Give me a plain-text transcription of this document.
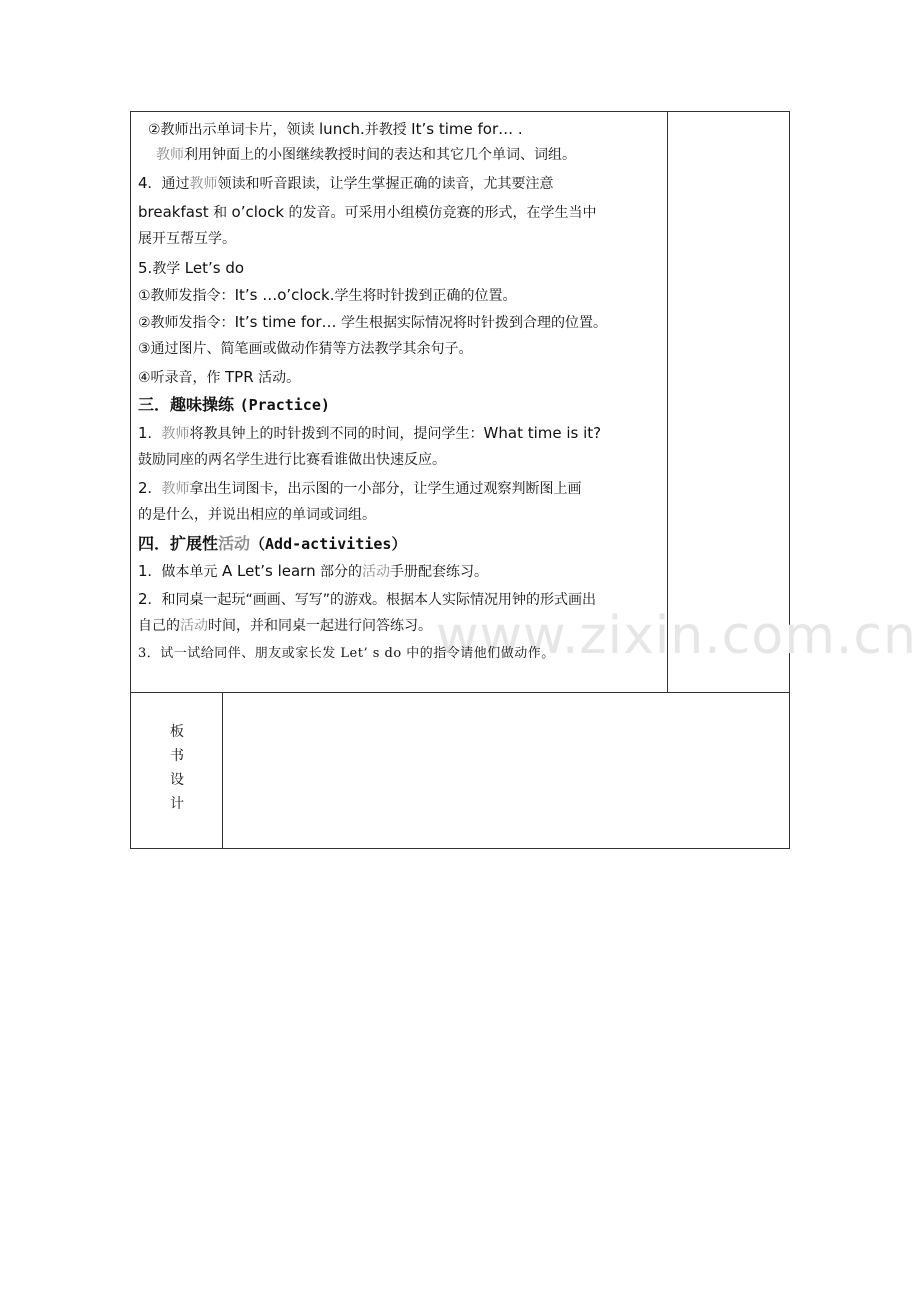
www.zixin.com.cn
②教师出示单词卡片，领读 lunch.并教授 It’s time for… .
教师利用钟面上的小图继续教授时间的表达和其它几个单词、词组。
4．通过教师领读和听音跟读，让学生掌握正确的读音，尤其要注意
breakfast 和 o’clock 的发音。可采用小组模仿竞赛的形式，在学生当中
展开互帮互学。
5.教学 Let’s do
①教师发指令：It’s …o’clock.学生将时针拨到正确的位置。
②教师发指令：It’s time for… 学生根据实际情况将时针拨到合理的位置。
③通过图片、简笔画或做动作猜等方法教学其余句子。
④听录音，作 TPR 活动。
三．趣味操练 (Practice)
1．教师将教具钟上的时针拨到不同的时间，提问学生：What time is it?
鼓励同座的两名学生进行比赛看谁做出快速反应。
2．教师拿出生词图卡，出示图的一小部分，让学生通过观察判断图上画
的是什么，并说出相应的单词或词组。
四．扩展性活动（Add-activities）
1．做本单元 A Let’s learn 部分的活动手册配套练习。
2．和同桌一起玩“画画、写写”的游戏。根据本人实际情况用钟的形式画出
自己的活动时间，并和同桌一起进行问答练习。
3．试一试给同伴、朋友或家长发 Let’ s do 中的指令请他们做动作。
板
书
设
计
